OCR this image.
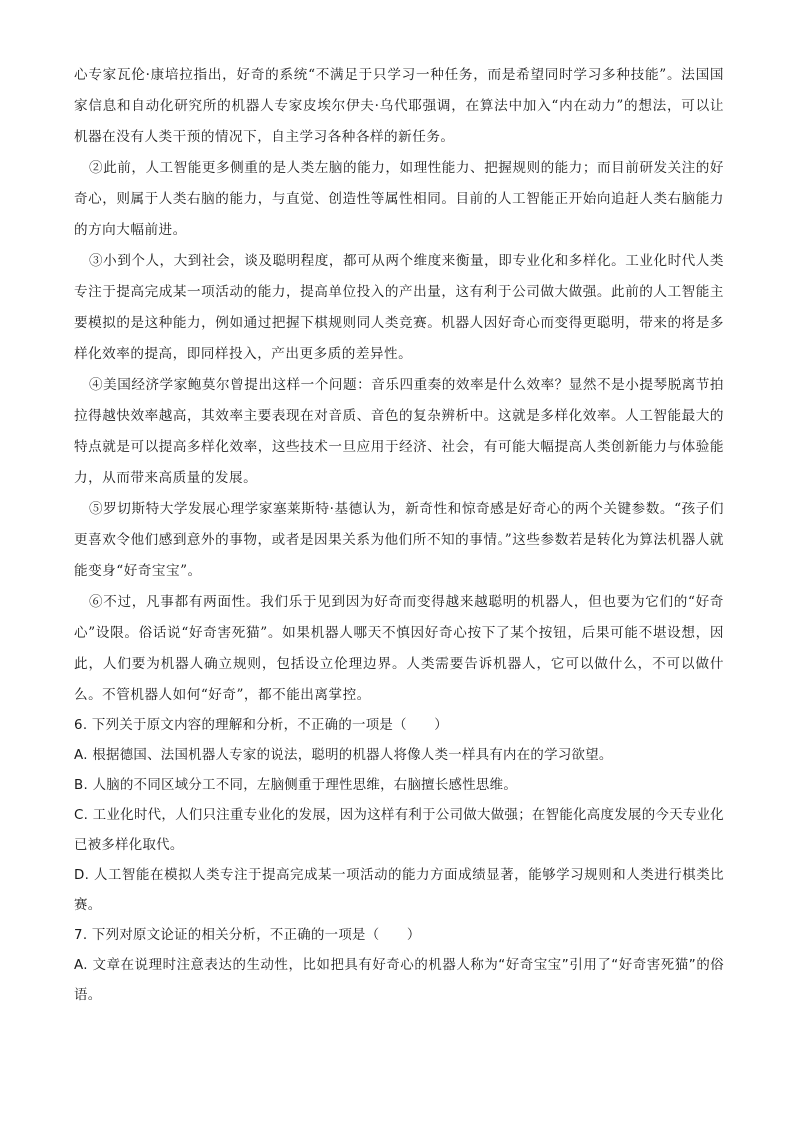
心专家瓦伦·康培拉指出，好奇的系统“不满足于只学习一种任务，而是希望同时学习多种技能”。法国国家信息和自动化研究所的机器人专家皮埃尔伊夫·乌代耶强调，在算法中加入“内在动力”的想法，可以让机器在没有人类干预的情况下，自主学习各种各样的新任务。

②此前，人工智能更多侧重的是人类左脑的能力，如理性能力、把握规则的能力；而目前研发关注的好奇心，则属于人类右脑的能力，与直觉、创造性等属性相同。目前的人工智能正开始向追赶人类右脑能力的方向大幅前进。

③小到个人，大到社会，谈及聪明程度，都可从两个维度来衡量，即专业化和多样化。工业化时代人类专注于提高完成某一项活动的能力，提高单位投入的产出量，这有利于公司做大做强。此前的人工智能主要模拟的是这种能力，例如通过把握下棋规则同人类竞赛。机器人因好奇心而变得更聪明，带来的将是多样化效率的提高，即同样投入，产出更多质的差异性。

④美国经济学家鲍莫尔曾提出这样一个问题：音乐四重奏的效率是什么效率？显然不是小提琴脱离节拍拉得越快效率越高，其效率主要表现在对音质、音色的复杂辨析中。这就是多样化效率。人工智能最大的特点就是可以提高多样化效率，这些技术一旦应用于经济、社会，有可能大幅提高人类创新能力与体验能力，从而带来高质量的发展。

⑤罗切斯特大学发展心理学家塞莱斯特·基德认为，新奇性和惊奇感是好奇心的两个关键参数。“孩子们更喜欢令他们感到意外的事物，或者是因果关系为他们所不知的事情。”这些参数若是转化为算法机器人就能变身“好奇宝宝”。

⑥不过，凡事都有两面性。我们乐于见到因为好奇而变得越来越聪明的机器人，但也要为它们的“好奇心”设限。俗话说“好奇害死猫”。如果机器人哪天不慎因好奇心按下了某个按钮，后果可能不堪设想，因此，人们要为机器人确立规则，包括设立伦理边界。人类需要告诉机器人，它可以做什么，不可以做什么。不管机器人如何“好奇”，都不能出离掌控。

6. 下列关于原文内容的理解和分析，不正确的一项是（　　）

A. 根据德国、法国机器人专家的说法，聪明的机器人将像人类一样具有内在的学习欲望。

B. 人脑的不同区域分工不同，左脑侧重于理性思维，右脑擅长感性思维。

C. 工业化时代，人们只注重专业化的发展，因为这样有利于公司做大做强；在智能化高度发展的今天专业化已被多样化取代。

D. 人工智能在模拟人类专注于提高完成某一项活动的能力方面成绩显著，能够学习规则和人类进行棋类比赛。

7. 下列对原文论证的相关分析，不正确的一项是（　　）

A. 文章在说理时注意表达的生动性，比如把具有好奇心的机器人称为“好奇宝宝”引用了“好奇害死猫”的俗语。
